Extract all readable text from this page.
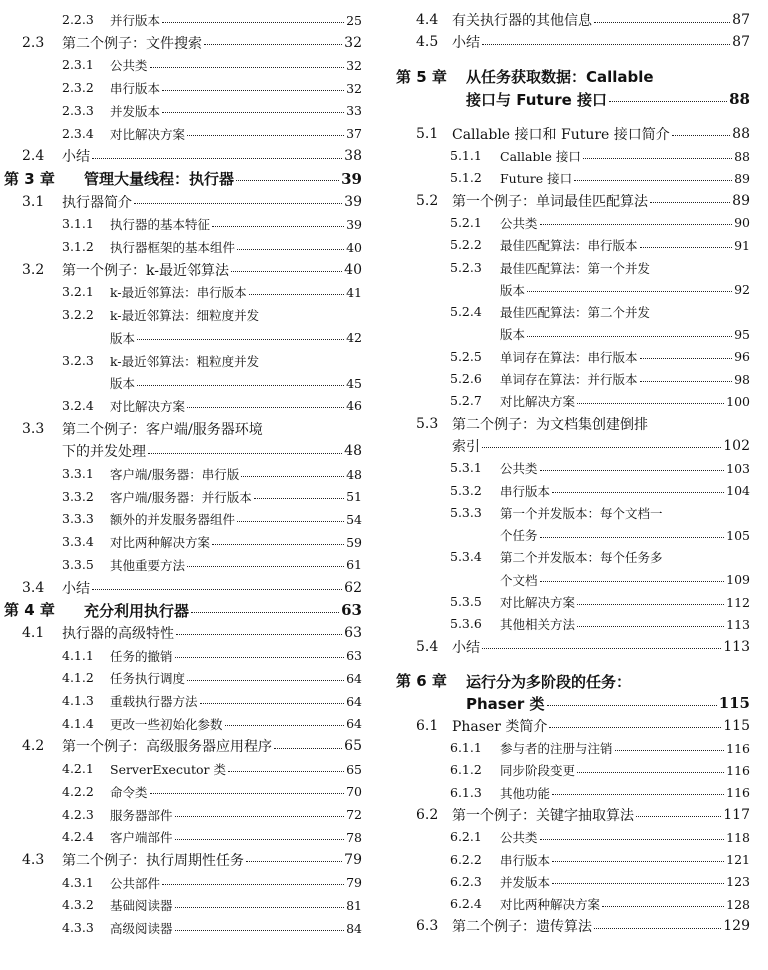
2.2.3 并行版本	25
2.3 第二个例子：文件搜索	32
2.3.1 公共类	32
2.3.2 串行版本	32
2.3.3 并发版本	33
2.3.4 对比解决方案	37
2.4 小结	38
第 3 章 管理大量线程：执行器	39
3.1 执行器简介	39
3.1.1 执行器的基本特征	39
3.1.2 执行器框架的基本组件	40
3.2 第一个例子：k-最近邻算法	40
3.2.1 k-最近邻算法：串行版本	41
3.2.2 k-最近邻算法：细粒度并发
版本	42
3.2.3 k-最近邻算法：粗粒度并发
版本	45
3.2.4 对比解决方案	46
3.3 第二个例子：客户端/服务器环境
下的并发处理	48
3.3.1 客户端/服务器：串行版	48
3.3.2 客户端/服务器：并行版本	51
3.3.3 额外的并发服务器组件	54
3.3.4 对比两种解决方案	59
3.3.5 其他重要方法	61
3.4 小结	62
第 4 章 充分利用执行器	63
4.1 执行器的高级特性	63
4.1.1 任务的撤销	63
4.1.2 任务执行调度	64
4.1.3 重载执行器方法	64
4.1.4 更改一些初始化参数	64
4.2 第一个例子：高级服务器应用程序	65
4.2.1 ServerExecutor 类	65
4.2.2 命令类	70
4.2.3 服务器部件	72
4.2.4 客户端部件	78
4.3 第二个例子：执行周期性任务	79
4.3.1 公共部件	79
4.3.2 基础阅读器	81
4.3.3 高级阅读器	84
4.4 有关执行器的其他信息	87
4.5 小结	87
第 5 章 从任务获取数据：Callable
接口与 Future 接口	88
5.1 Callable 接口和 Future 接口简介	88
5.1.1 Callable 接口	88
5.1.2 Future 接口	89
5.2 第一个例子：单词最佳匹配算法	89
5.2.1 公共类	90
5.2.2 最佳匹配算法：串行版本	91
5.2.3 最佳匹配算法：第一个并发
版本	92
5.2.4 最佳匹配算法：第二个并发
版本	95
5.2.5 单词存在算法：串行版本	96
5.2.6 单词存在算法：并行版本	98
5.2.7 对比解决方案	100
5.3 第二个例子：为文档集创建倒排
索引	102
5.3.1 公共类	103
5.3.2 串行版本	104
5.3.3 第一个并发版本：每个文档一
个任务	105
5.3.4 第二个并发版本：每个任务多
个文档	109
5.3.5 对比解决方案	112
5.3.6 其他相关方法	113
5.4 小结	113
第 6 章 运行分为多阶段的任务：
Phaser 类	115
6.1 Phaser 类简介	115
6.1.1 参与者的注册与注销	116
6.1.2 同步阶段变更	116
6.1.3 其他功能	116
6.2 第一个例子：关键字抽取算法	117
6.2.1 公共类	118
6.2.2 串行版本	121
6.2.3 并发版本	123
6.2.4 对比两种解决方案	128
6.3 第二个例子：遗传算法	129
